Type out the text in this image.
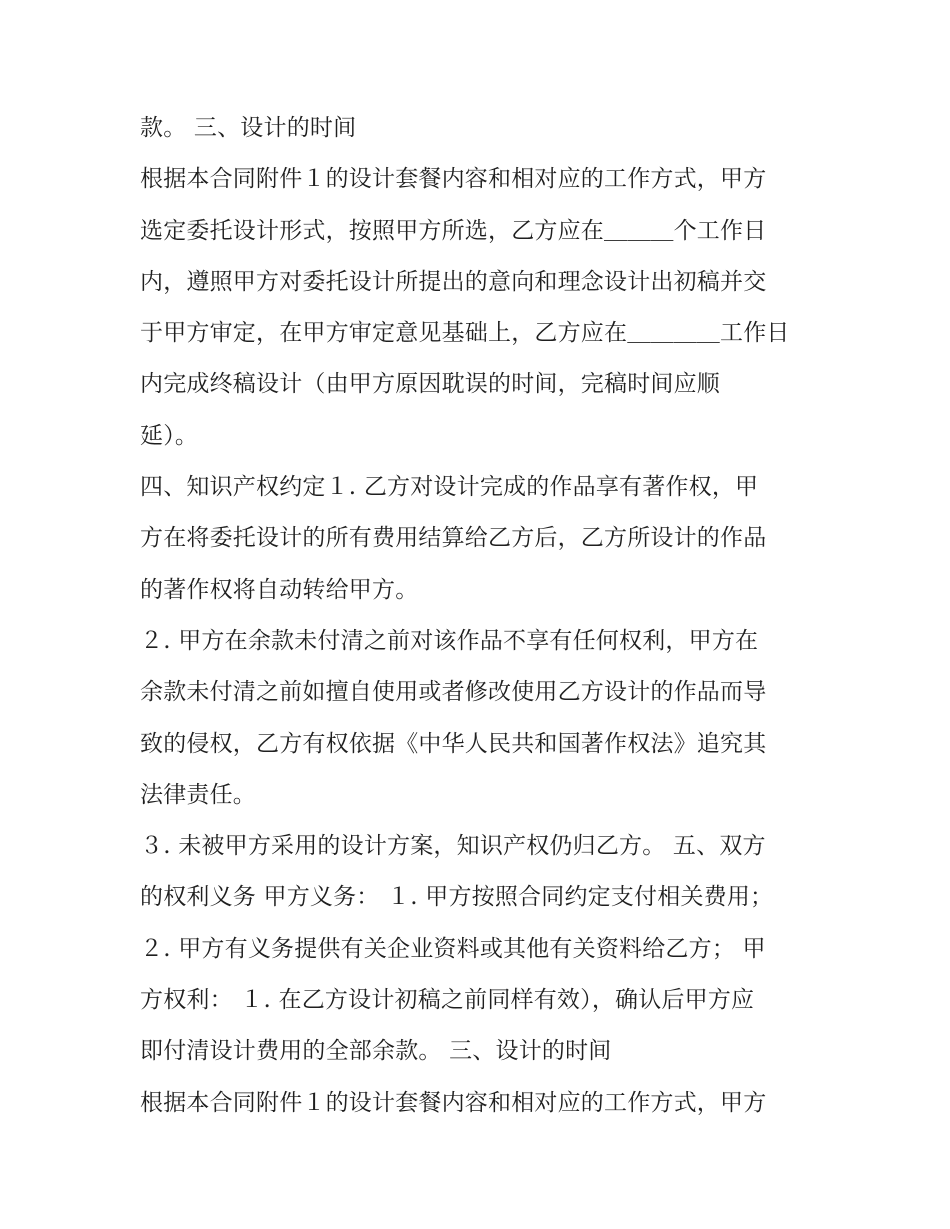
款。 三、设计的时间
根据本合同附件１的设计套餐内容和相对应的工作方式，甲方
选定委托设计形式，按照甲方所选，乙方应在＿＿＿个工作日
内，遵照甲方对委托设计所提出的意向和理念设计出初稿并交
于甲方审定，在甲方审定意见基础上，乙方应在＿＿＿＿工作日
内完成终稿设计（由甲方原因耽误的时间，完稿时间应顺
延）。
四、知识产权约定１. 乙方对设计完成的作品享有著作权，甲
方在将委托设计的所有费用结算给乙方后，乙方所设计的作品
的著作权将自动转给甲方。
２. 甲方在余款未付清之前对该作品不享有任何权利，甲方在
余款未付清之前如擅自使用或者修改使用乙方设计的作品而导
致的侵权，乙方有权依据《中华人民共和国著作权法》追究其
法律责任。
３. 未被甲方采用的设计方案，知识产权仍归乙方。 五、双方
的权利义务 甲方义务： １. 甲方按照合同约定支付相关费用；
２. 甲方有义务提供有关企业资料或其他有关资料给乙方； 甲
方权利： １. 在乙方设计初稿之前同样有效），确认后甲方应
即付清设计费用的全部余款。 三、设计的时间
根据本合同附件１的设计套餐内容和相对应的工作方式，甲方
